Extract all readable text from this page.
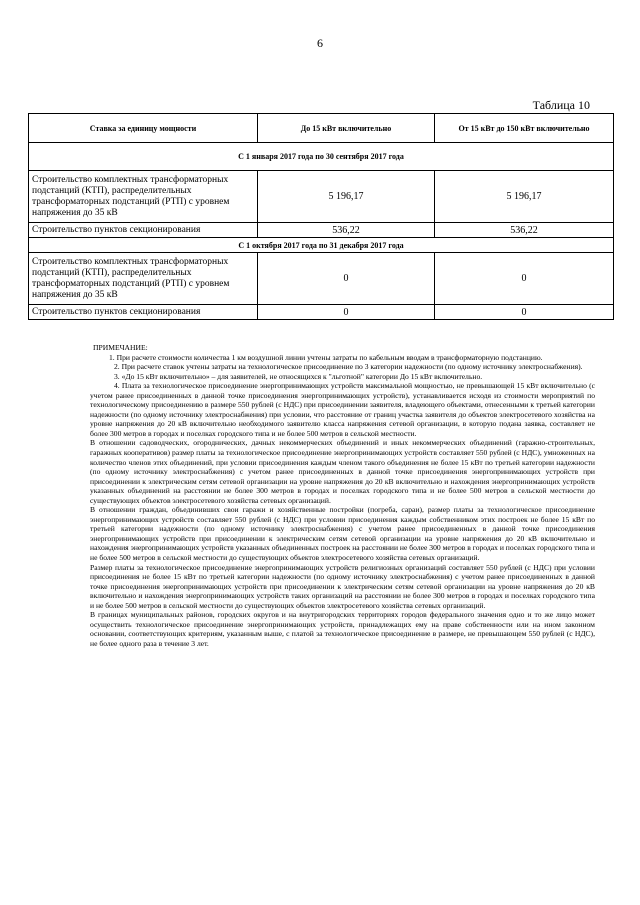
6
Таблица 10
Ставка за единицу мощности	До 15 кВт включительно	От 15 кВт до 150 кВт включительно
С 1 января 2017 года по 30 сентября 2017 года		
Строительство комплектных трансформаторных подстанций (КТП), распределительных трансформаторных подстанций (РТП) с уровнем напряжения до 35 кВ	5 196,17	5 196,17
Строительство пунктов секционирования	536,22	536,22
С 1 октября 2017 года по 31 декабря 2017 года		
Строительство комплектных трансформаторных подстанций (КТП), распределительных трансформаторных подстанций (РТП) с уровнем напряжения до 35 кВ	0	0
Строительство пунктов секционирования	0	0

ПРИМЕЧАНИЕ:

1. При расчете стоимости количества 1 км воздушной линии учтены затраты по кабельным вводам в трансформаторную подстанцию.

2. При расчете ставок учтены затраты на технологическое присоединение по 3 категории надежности (по одному источнику электроснабжения).

3. «До 15 кВт включительно» – для заявителей, не относящихся к "льготной" категории До 15 кВт включительно.

4. Плата за технологическое присоединение энергопринимающих устройств максимальной мощностью, не превышающей 15 кВт включительно (с учетом ранее присоединенных в данной точке присоединения энергопринимающих устройств), устанавливается исходя из стоимости мероприятий по технологическому присоединению в размере 550 рублей (с НДС) при присоединении заявителя, владеющего объектами, отнесенными к третьей категории надежности (по одному источнику электроснабжения) при условии, что расстояние от границ участка заявителя до объектов электросетевого хозяйства на уровне напряжения до 20 кВ включительно необходимого заявителю класса напряжения сетевой организации, в которую подана заявка, составляет не более 300 метров в городах и поселках городского типа и не более 500 метров в сельской местности.

В отношении садоводческих, огороднических, дачных некоммерческих объединений и иных некоммерческих объединений (гаражно-строительных, гаражных кооперативов) размер платы за технологическое присоединение энергопринимающих устройств составляет 550 рублей (с НДС), умноженных на количество членов этих объединений, при условии присоединения каждым членом такого объединения не более 15 кВт по третьей категории надежности (по одному источнику электроснабжения) с учетом ранее присоединенных в данной точке присоединения энергопринимающих устройств при присоединении к электрическим сетям сетевой организации на уровне напряжения до 20 кВ включительно и нахождения энергопринимающих устройств указанных объединений на расстоянии не более 300 метров в городах и поселках городского типа и не более 500 метров в сельской местности до существующих объектов электросетевого хозяйства сетевых организаций.

В отношении граждан, объединивших свои гаражи и хозяйственные постройки (погреба, сараи), размер платы за технологическое присоединение энергопринимающих устройств составляет 550 рублей (с НДС) при условии присоединения каждым собственником этих построек не более 15 кВт по третьей категории надежности (по одному источнику электроснабжения) с учетом ранее присоединенных в данной точке присоединения энергопринимающих устройств при присоединении к электрическим сетям сетевой организации на уровне напряжения до 20 кВ включительно и нахождения энергопринимающих устройств указанных объединенных построек на расстоянии не более 300 метров в городах и поселках городского типа и не более 500 метров в сельской местности до существующих объектов электросетевого хозяйства сетевых организаций.

Размер платы за технологическое присоединение энергопринимающих устройств религиозных организаций составляет 550 рублей (с НДС) при условии присоединения не более 15 кВт по третьей категории надежности (по одному источнику электроснабжения) с учетом ранее присоединенных в данной точке присоединения энергопринимающих устройств при присоединении к электрическим сетям сетевой организации на уровне напряжения до 20 кВ включительно и нахождения энергопринимающих устройств таких организаций на расстоянии не более 300 метров в городах и поселках городского типа и не более 500 метров в сельской местности до существующих объектов электросетевого хозяйства сетевых организаций.

В границах муниципальных районов, городских округов и на внутригородских территориях городов федерального значения одно и то же лицо может осуществить технологическое присоединение энергопринимающих устройств, принадлежащих ему на праве собственности или на ином законном основании, соответствующих критериям, указанным выше, с платой за технологическое присоединение в размере, не превышающем 550 рублей (с НДС), не более одного раза в течение 3 лет.
